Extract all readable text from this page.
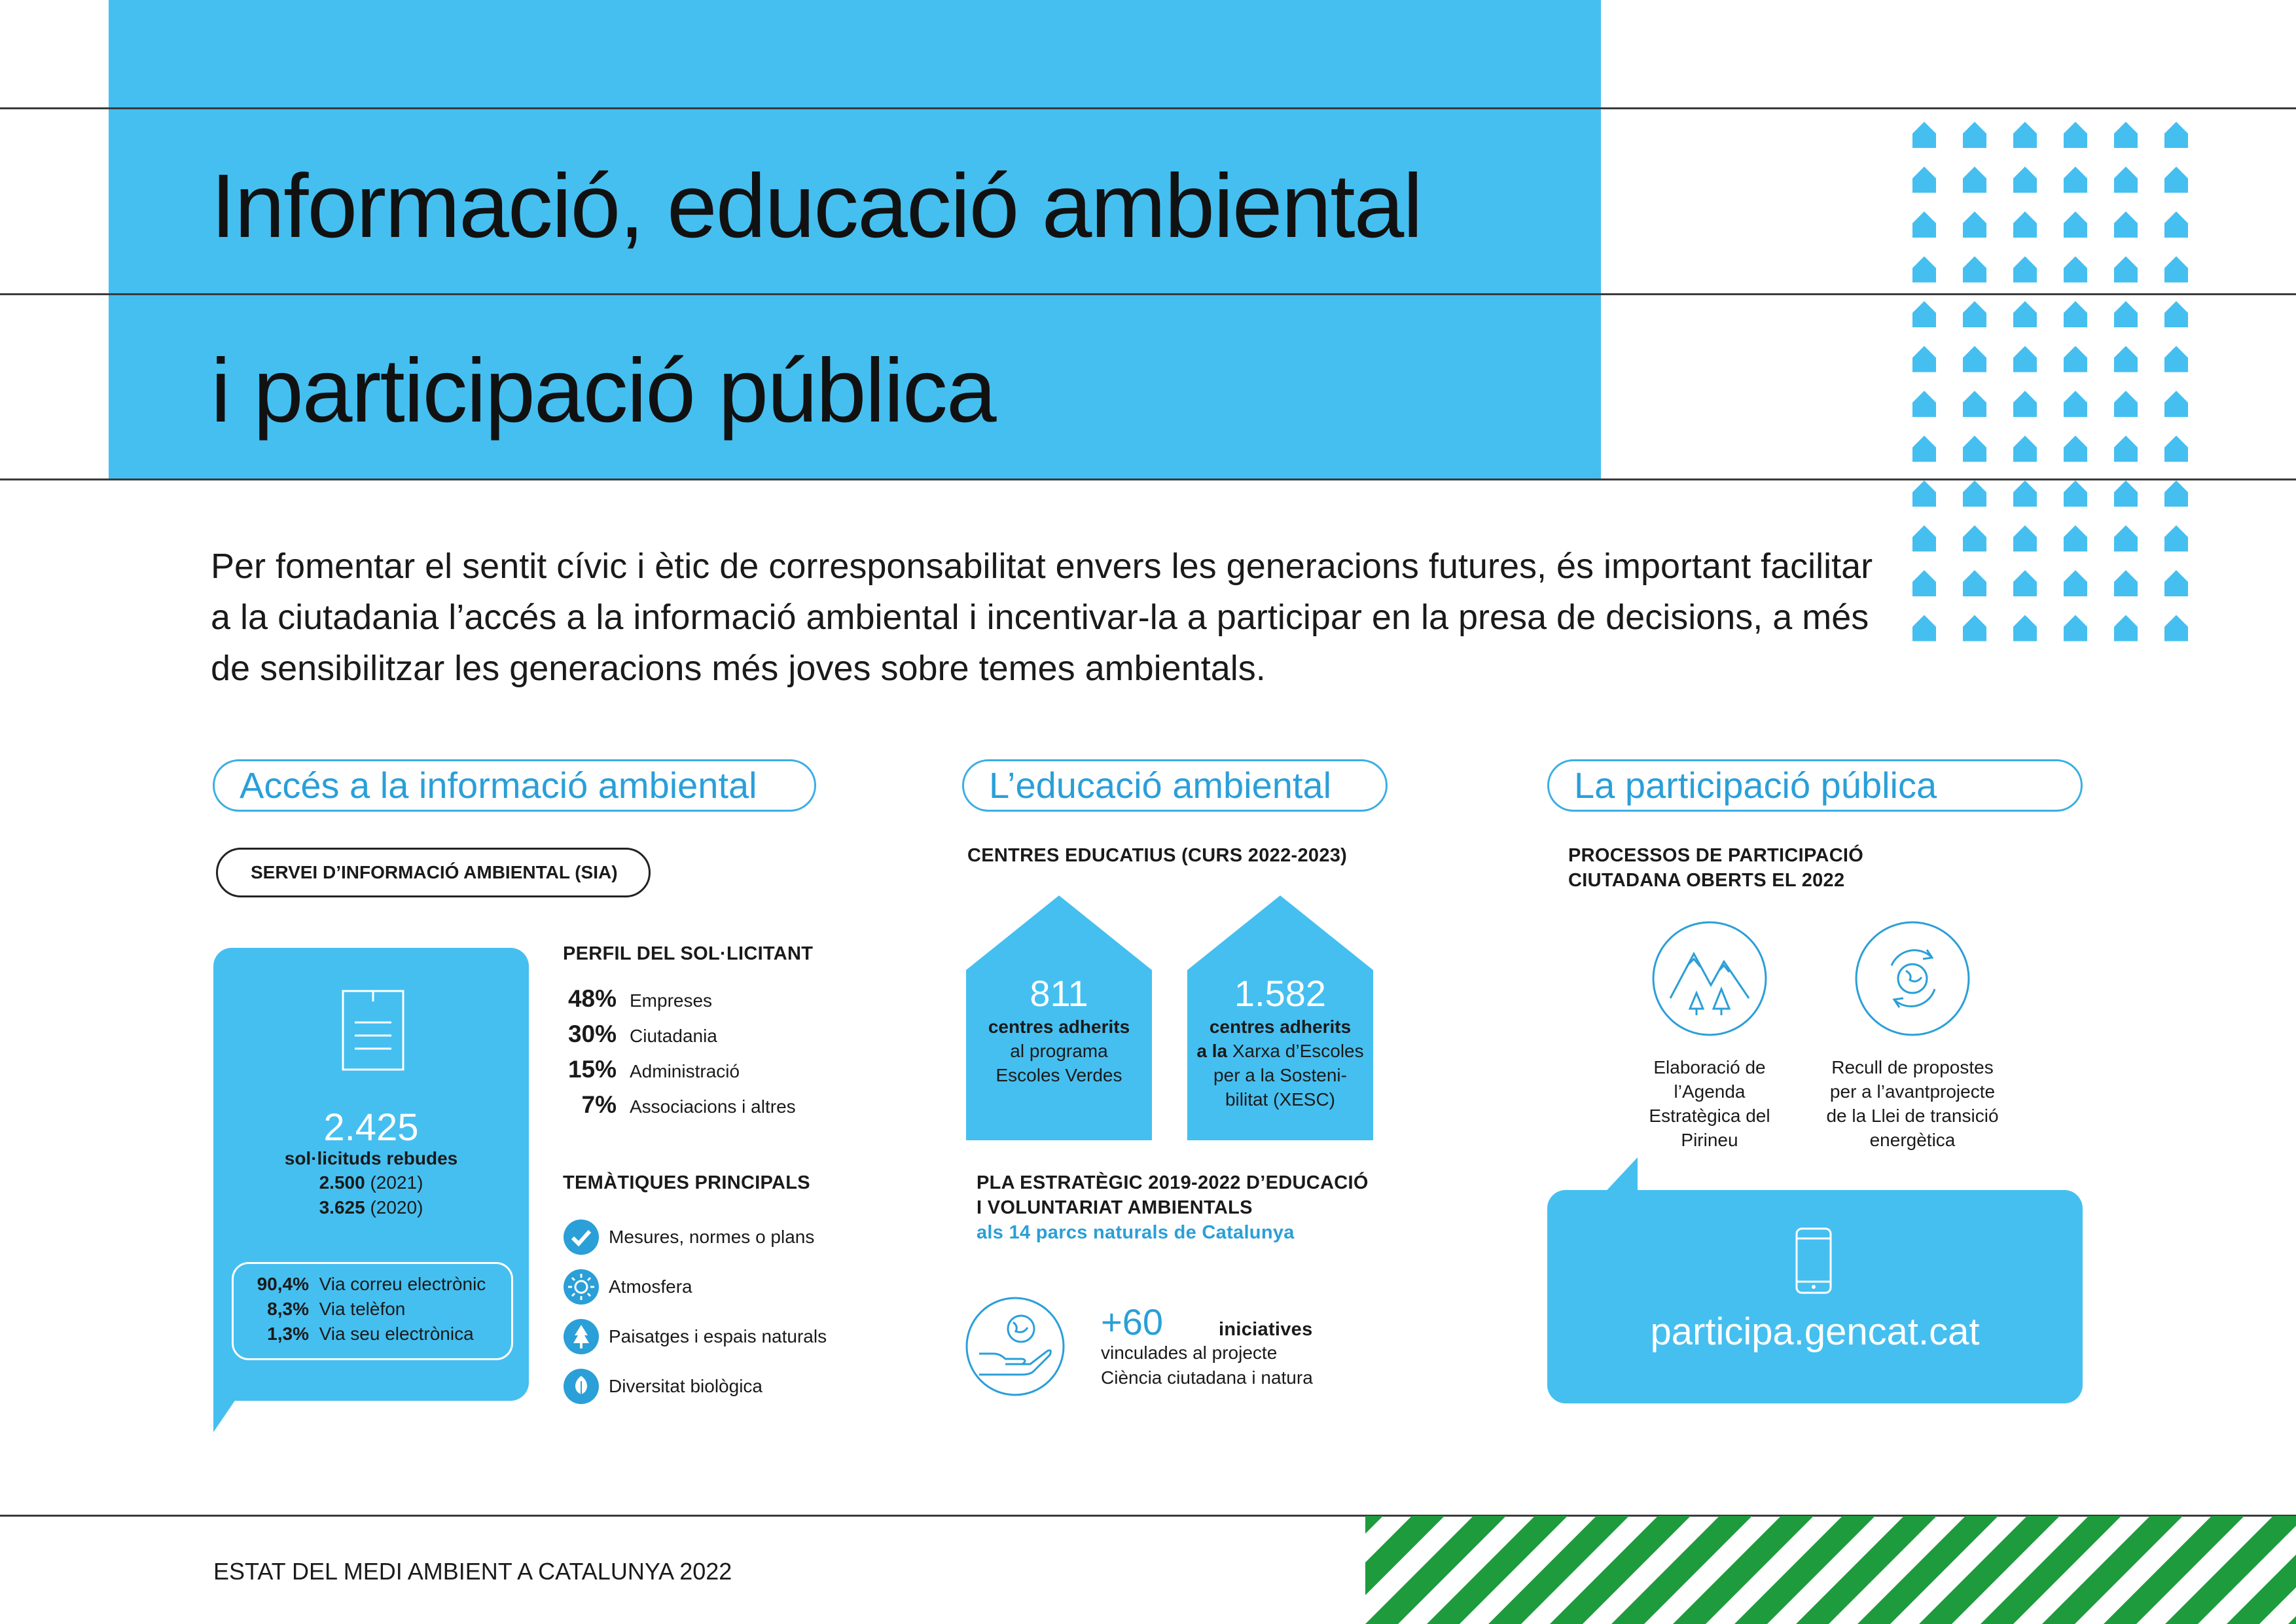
Informació, educació ambiental
i participació pública
Per fomentar el sentit cívic i ètic de corresponsabilitat envers les generacions futures, és important facilitar a la ciutadania l’accés a la informació ambiental i incentivar-la a participar en la presa de decisions, a més de sensibilitzar les generacions més joves sobre temes ambientals.
Accés a la informació ambiental
SERVEI D’INFORMACIÓ AMBIENTAL (SIA)
2.425
sol·licituds rebudes
2.500 (2021)
3.625 (2020)
90,4% Via correu electrònic
8,3% Via telèfon
1,3% Via seu electrònica
PERFIL DEL SOL·LICITANT
48% Empreses
30% Ciutadania
15% Administració
7% Associacions i altres
TEMÀTIQUES PRINCIPALS
Mesures, normes o plans
Atmosfera
Paisatges i espais naturals
Diversitat biològica
L’educació ambiental
CENTRES EDUCATIUS (CURS 2022-2023)
811
centres adherits
al programa
Escoles Verdes
1.582
centres adherits
a la Xarxa d’Escoles
per a la Sosteni-
bilitat (XESC)
PLA ESTRATÈGIC 2019-2022 D’EDUCACIÓ
I VOLUNTARIAT AMBIENTALS
als 14 parcs naturals de Catalunya
+60	iniciatives
vinculades al projecte
Ciència ciutadana i natura
La participació pública
PROCESSOS DE PARTICIPACIÓ
CIUTADANA OBERTS EL 2022
Elaboració de
l’Agenda
Estratègica del
Pirineu
Recull de propostes
per a l’avantprojecte
de la Llei de transició
energètica
participa.gencat.cat
ESTAT DEL MEDI AMBIENT A CATALUNYA 2022
